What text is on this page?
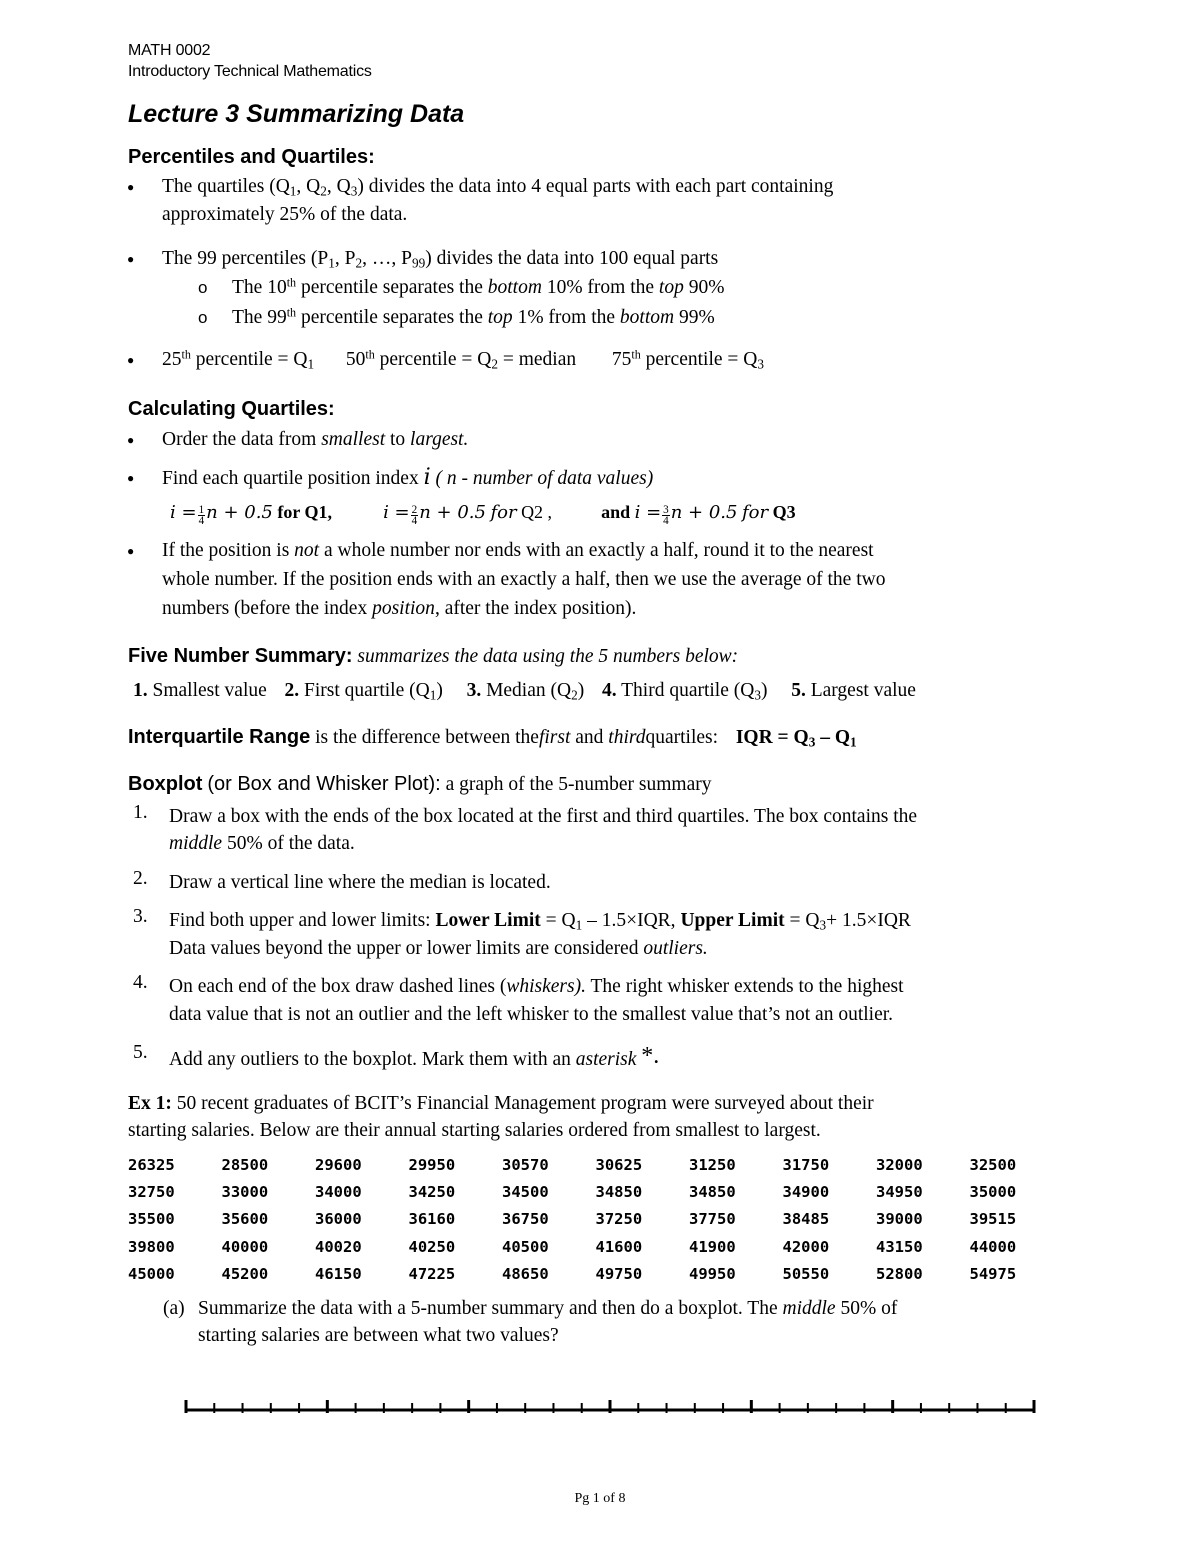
MATH 0002
Introductory Technical Mathematics
Lecture 3 Summarizing Data
Percentiles and Quartiles:
● The quartiles ($Q_1$, $Q_2$, $Q_3$) divides the data into 4 equal parts with each part containing
approximately 25% of the data.
● The 99 percentiles ($P_1$, $P_2$, …, $P_{99}$) divides the data into 100 equal parts
o The 10th percentile separates the bottom 10% from the top 90%
o The 99th percentile separates the top 1% from the bottom 99%
● 25th percentile = $Q_1$ 50th percentile = $Q_2$ = median 75th percentile = $Q_3$
Calculating Quartiles:
● Order the data from smallest to largest.
● Find each quartile position index i ( n - number of data values)
$i = \frac{1}{4}$ n + 0.5 for Q1,	$i = \frac{2}{4}$ n + 0.5 for Q2 ,	and $i = \frac{3}{4}$ n + 0.5 for Q3
● If the position is not a whole number nor ends with an exactly a half, round it to the nearest
whole number. If the position ends with an exactly a half, then we use the average of the two
numbers (before the index position, after the index position).
Five Number Summary: summarizes the data using the 5 numbers below:
1. Smallest value 2. First quartile $(Q_1)$ 3. Median $(Q_2)$ 4. Third quartile $(Q_3)$ 5. Largest value
Interquartile Range is the difference between thefirst and thirdquartiles: IQR = $Q_3 - Q_1$
Boxplot (or Box and Whisker Plot): a graph of the 5-number summary
1. Draw a box with the ends of the box located at the first and third quartiles. The box contains the
middle 50% of the data.
2. Draw a vertical line where the median is located.
3. Find both upper and lower limits: Lower Limit = $Q_1 - 1.5\times IQR$, Upper Limit = $Q_3+ 1.5\times IQR$
Data values beyond the upper or lower limits are considered outliers.
4. On each end of the box draw dashed lines (whiskers). The right whisker extends to the highest
data value that is not an outlier and the left whisker to the smallest value that’s not an outlier.
5. Add any outliers to the boxplot. Mark them with an asterisk *.
Ex 1: 50 recent graduates of BCIT’s Financial Management program were surveyed about their
starting salaries. Below are their annual starting salaries ordered from smallest to largest.
26325	28500	29600	29950	30570	30625	31250	31750	32000	32500
32750	33000	34000	34250	34500	34850	34850	34900	34950	35000
35500	35600	36000	36160	36750	37250	37750	38485	39000	39515
39800	40000	40020	40250	40500	41600	41900	42000	43150	44000
45000	45200	46150	47225	48650	49750	49950	50550	52800	54975
(a) Summarize the data with a 5-number summary and then do a boxplot. The middle 50% of
starting salaries are between what two values?
Pg 1 of 8
